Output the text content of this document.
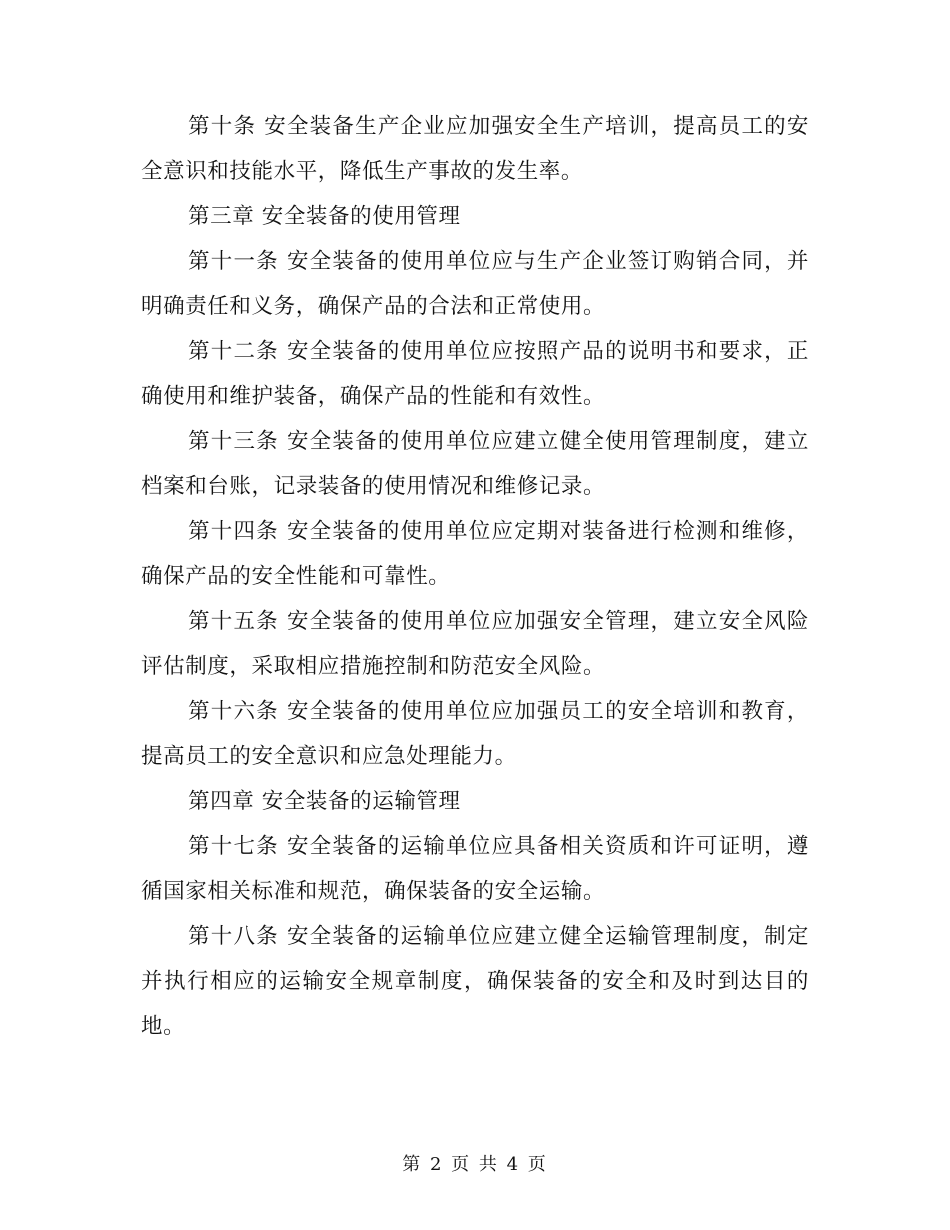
第十条 安全装备生产企业应加强安全生产培训，提高员工的安全意识和技能水平，降低生产事故的发生率。

第三章 安全装备的使用管理

第十一条 安全装备的使用单位应与生产企业签订购销合同，并明确责任和义务，确保产品的合法和正常使用。

第十二条 安全装备的使用单位应按照产品的说明书和要求，正确使用和维护装备，确保产品的性能和有效性。

第十三条 安全装备的使用单位应建立健全使用管理制度，建立档案和台账，记录装备的使用情况和维修记录。

第十四条 安全装备的使用单位应定期对装备进行检测和维修，确保产品的安全性能和可靠性。

第十五条 安全装备的使用单位应加强安全管理，建立安全风险评估制度，采取相应措施控制和防范安全风险。

第十六条 安全装备的使用单位应加强员工的安全培训和教育，提高员工的安全意识和应急处理能力。

第四章 安全装备的运输管理

第十七条 安全装备的运输单位应具备相关资质和许可证明，遵循国家相关标准和规范，确保装备的安全运输。

第十八条 安全装备的运输单位应建立健全运输管理制度，制定并执行相应的运输安全规章制度，确保装备的安全和及时到达目的地。

第 2 页 共 4 页
